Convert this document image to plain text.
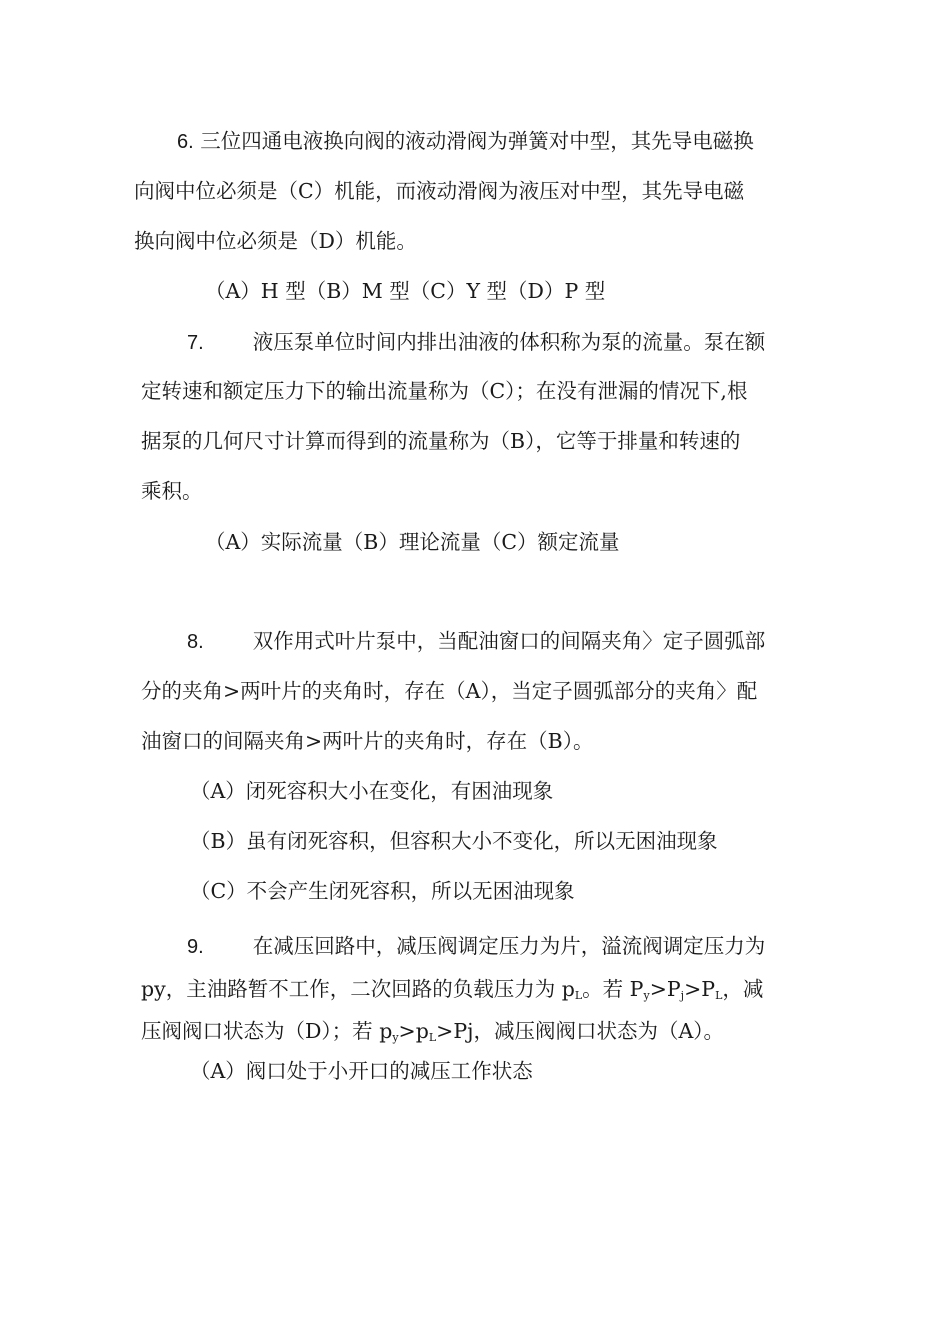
6. 三位四通电液换向阀的液动滑阀为弹簧对中型，其先导电磁换
向阀中位必须是（C）机能，而液动滑阀为液压对中型，其先导电磁
换向阀中位必须是（D）机能。
（A）H 型（B）M 型（C）Y 型（D）P 型
7. 液压泵单位时间内排出油液的体积称为泵的流量。泵在额
定转速和额定压力下的输出流量称为（C）；在没有泄漏的情况下,根
据泵的几何尺寸计算而得到的流量称为（B），它等于排量和转速的
乘积。
（A）实际流量（B）理论流量（C）额定流量
8. 双作用式叶片泵中，当配油窗口的间隔夹角〉定子圆弧部
分的夹角>两叶片的夹角时，存在（A），当定子圆弧部分的夹角〉配
油窗口的间隔夹角>两叶片的夹角时，存在（B）。
（A）闭死容积大小在变化，有困油现象
（B）虽有闭死容积，但容积大小不变化，所以无困油现象
（C）不会产生闭死容积，所以无困油现象
9. 在减压回路中，减压阀调定压力为片，溢流阀调定压力为
py，主油路暂不工作，二次回路的负载压力为 $p_L$。若 $P_y>P_j>P_L$，减
压阀阀口状态为（D）；若 $p_y>p_L>Pj$，减压阀阀口状态为（A）。
（A）阀口处于小开口的减压工作状态
